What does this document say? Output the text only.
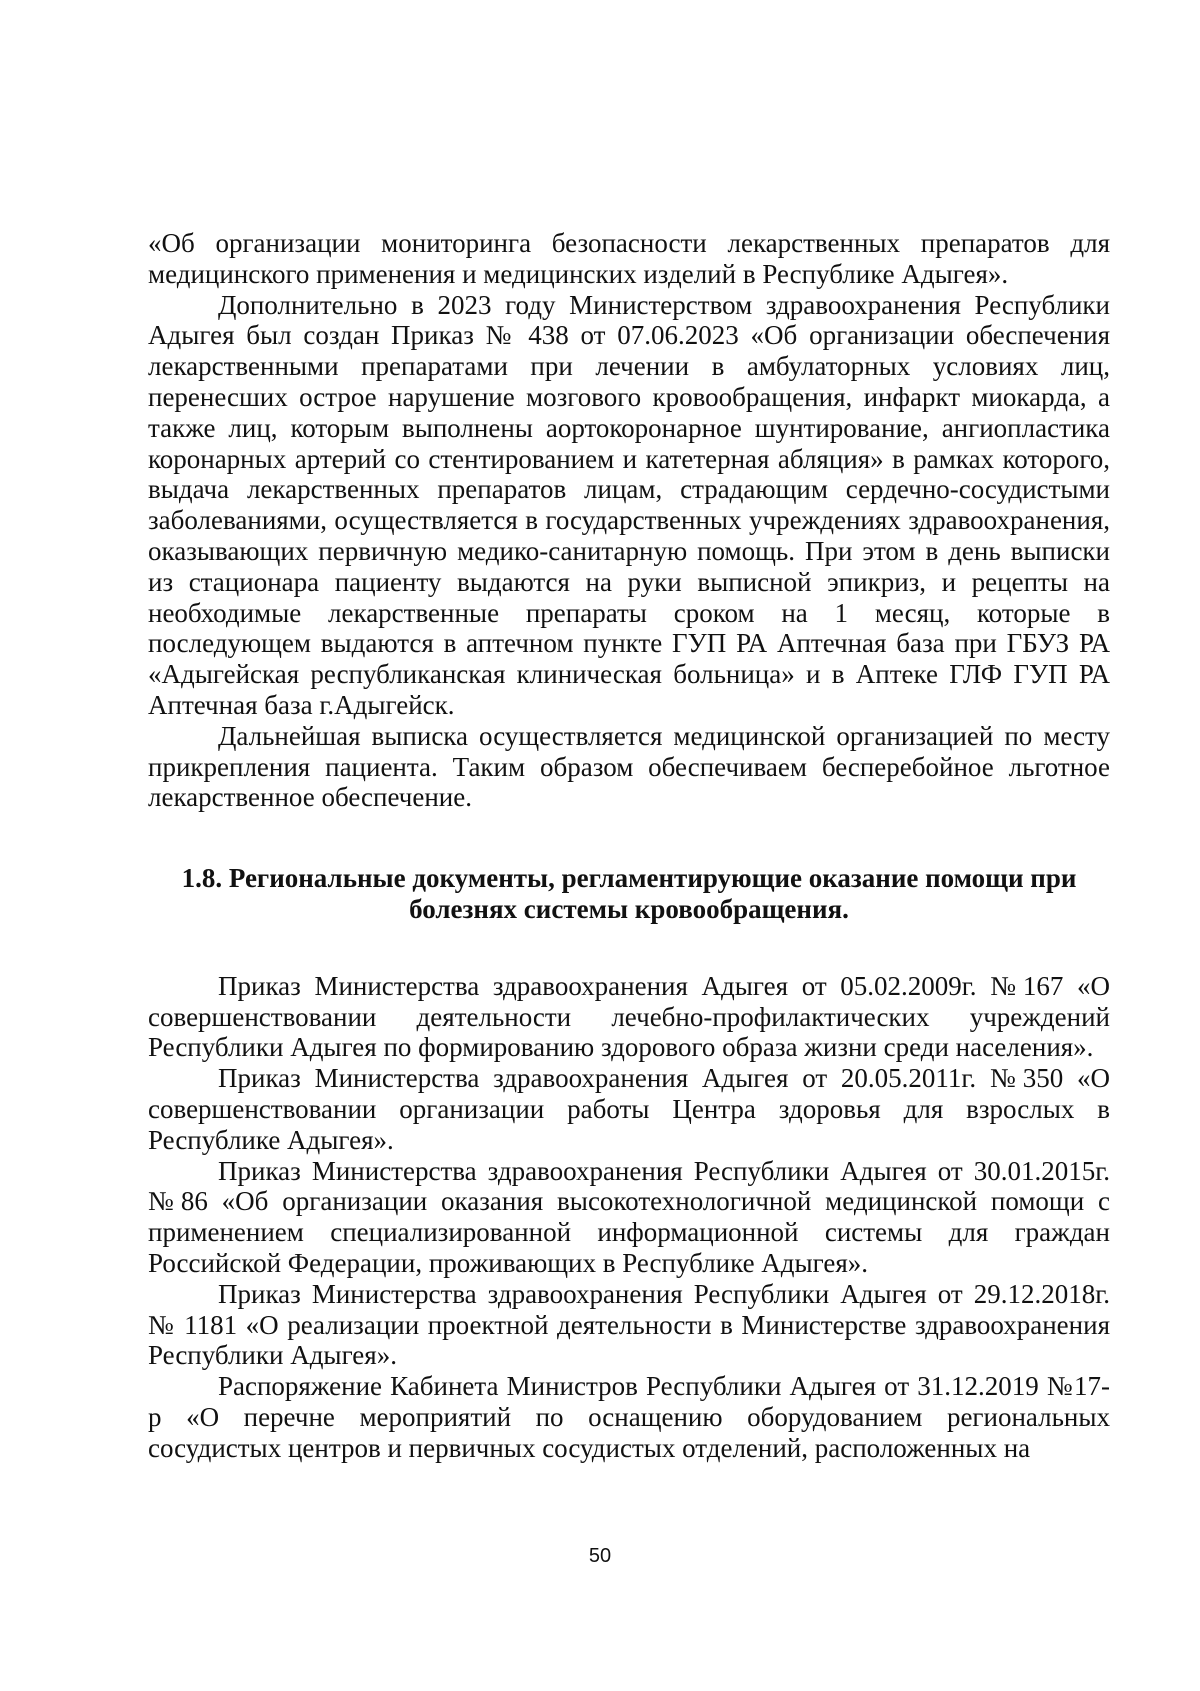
«Об организации мониторинга безопасности лекарственных препаратов для медицинского применения и медицинских изделий в Республике Адыгея».

Дополнительно в 2023 году Министерством здравоохранения Республики Адыгея был создан Приказ № 438 от 07.06.2023 «Об организации обеспечения лекарственными препаратами при лечении в амбулаторных условиях лиц, перенесших острое нарушение мозгового кровообращения, инфаркт миокарда, а также лиц, которым выполнены аортокоронарное шунтирование, ангиопластика коронарных артерий со стентированием и катетерная абляция» в рамках которого, выдача лекарственных препаратов лицам, страдающим сердечно-сосудистыми заболеваниями, осуществляется в государственных учреждениях здравоохранения, оказывающих первичную медико-санитарную помощь. При этом в день выписки из стационара пациенту выдаются на руки выписной эпикриз, и рецепты на необходимые лекарственные препараты сроком на 1 месяц, которые в последующем выдаются в аптечном пункте ГУП РА Аптечная база при ГБУЗ РА «Адыгейская республиканская клиническая больница» и в Аптеке ГЛФ ГУП РА Аптечная база г.Адыгейск.

Дальнейшая выписка осуществляется медицинской организацией по месту прикрепления пациента. Таким образом обеспечиваем бесперебойное льготное лекарственное обеспечение.

1.8. Региональные документы, регламентирующие оказание помощи при болезнях системы кровообращения.

Приказ Министерства здравоохранения Адыгея от 05.02.2009г. №167 «О совершенствовании деятельности лечебно-профилактических учреждений Республики Адыгея по формированию здорового образа жизни среди населения».

Приказ Министерства здравоохранения Адыгея от 20.05.2011г. №350 «О совершенствовании организации работы Центра здоровья для взрослых в Республике Адыгея».

Приказ Министерства здравоохранения Республики Адыгея от 30.01.2015г. №86 «Об организации оказания высокотехнологичной медицинской помощи с применением специализированной информационной системы для граждан Российской Федерации, проживающих в Республике Адыгея».

Приказ Министерства здравоохранения Республики Адыгея от 29.12.2018г. № 1181 «О реализации проектной деятельности в Министерстве здравоохранения Республики Адыгея».

Распоряжение Кабинета Министров Республики Адыгея от 31.12.2019 №17-р «О перечне мероприятий по оснащению оборудованием региональных сосудистых центров и первичных сосудистых отделений, расположенных на

50
